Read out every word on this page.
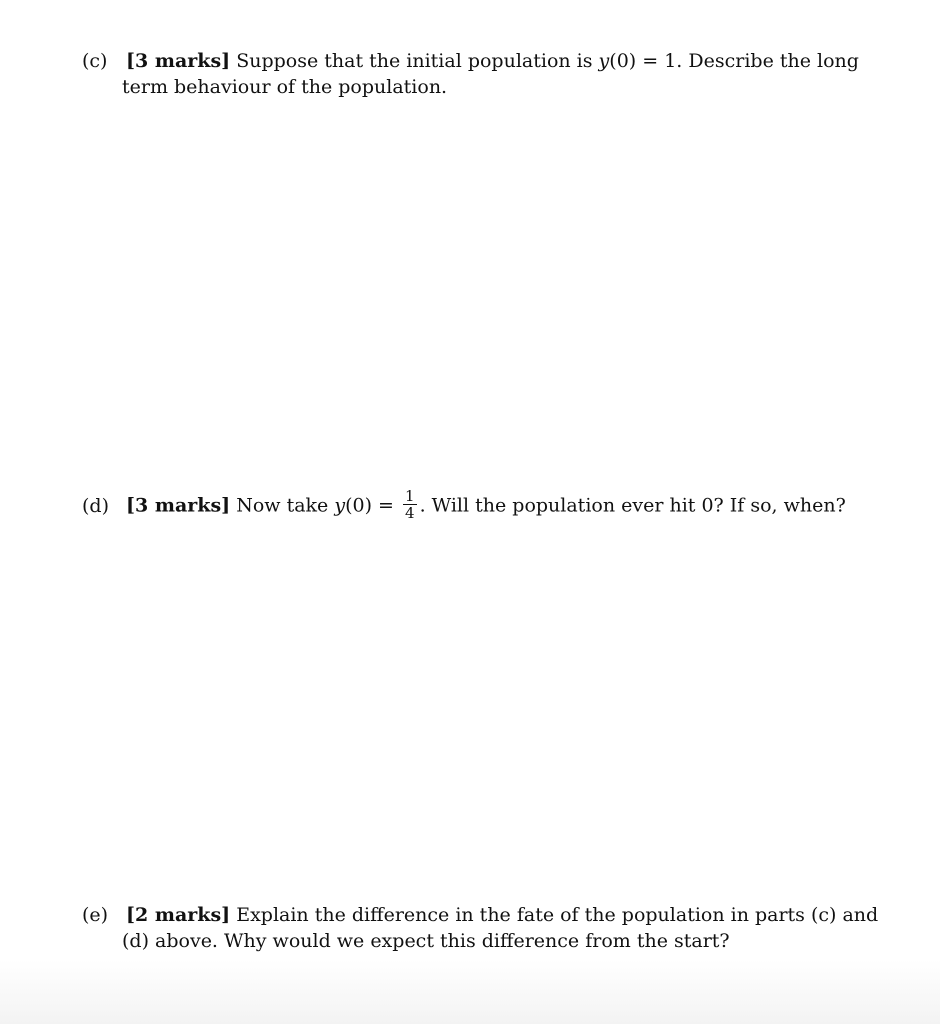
(c) [3 marks] Suppose that the initial population is y(0) = 1. Describe the long
term behaviour of the population.
(d) [3 marks] Now take $y(0) = \frac{1}{4}$ . Will the population ever hit 0? If so, when?
(e) [2 marks] Explain the difference in the fate of the population in parts (c) and
(d) above. Why would we expect this difference from the start?
